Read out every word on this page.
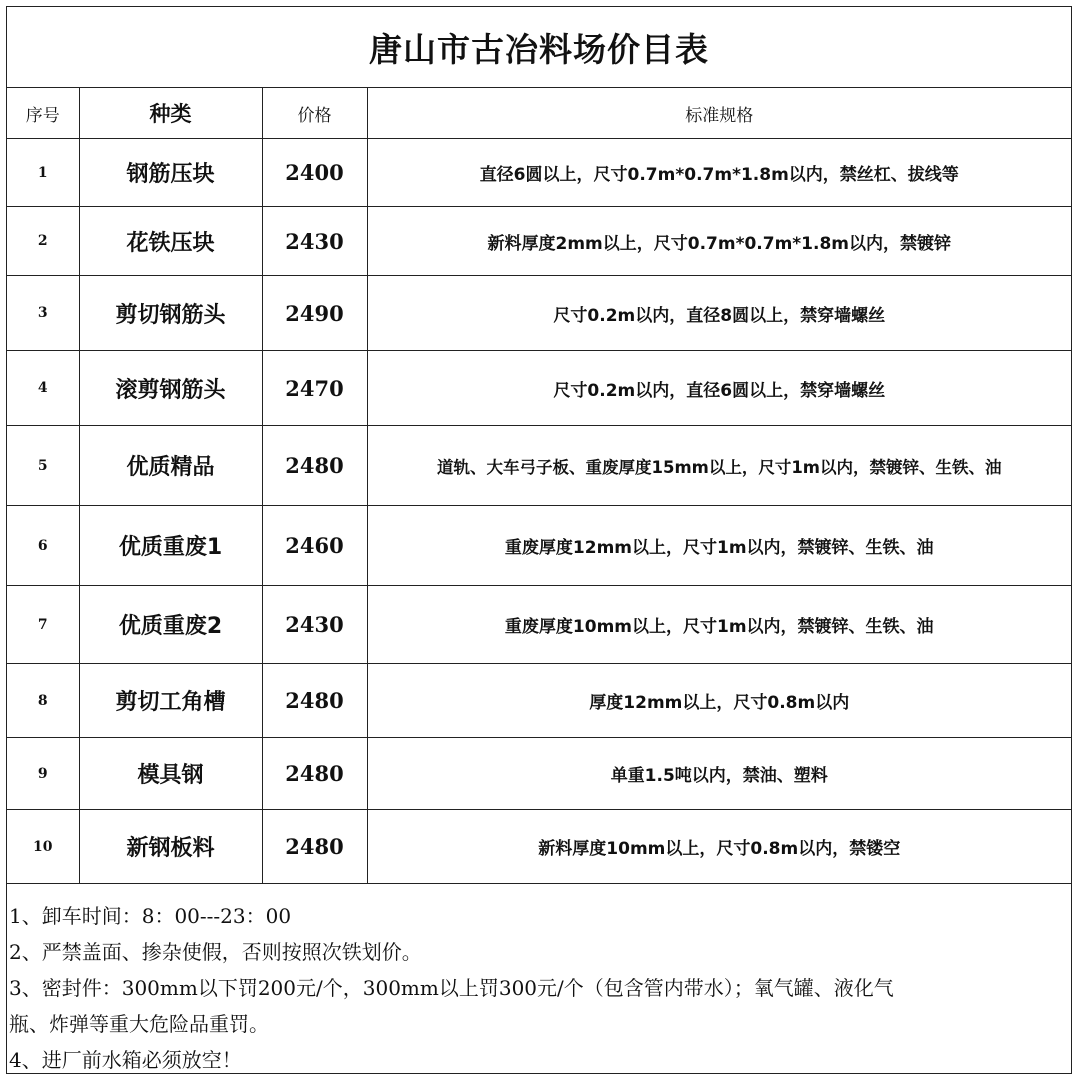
唐山市古冶料场价目表
序号	种类	价格	标准规格
1	钢筋压块	2400	直径6圆以上，尺寸0.7m*0.7m*1.8m以内，禁丝杠、拔线等
2	花铁压块	2430	新料厚度2mm以上，尺寸0.7m*0.7m*1.8m以内，禁镀锌
3	剪切钢筋头	2490	尺寸0.2m以内，直径8圆以上，禁穿墙螺丝
4	滚剪钢筋头	2470	尺寸0.2m以内，直径6圆以上，禁穿墙螺丝
5	优质精品	2480	道轨、大车弓子板、重废厚度15mm以上，尺寸1m以内，禁镀锌、生铁、油
6	优质重废1	2460	重废厚度12mm以上，尺寸1m以内，禁镀锌、生铁、油
7	优质重废2	2430	重废厚度10mm以上，尺寸1m以内，禁镀锌、生铁、油
8	剪切工角槽	2480	厚度12mm以上，尺寸0.8m以内
9	模具钢	2480	单重1.5吨以内，禁油、塑料
10	新钢板料	2480	新料厚度10mm以上，尺寸0.8m以内，禁镂空
1、卸车时间：8：00---23：00
2、严禁盖面、掺杂使假，否则按照次铁划价。
3、密封件：300mm以下罚200元/个，300mm以上罚300元/个（包含管内带水）；氧气罐、液化气
瓶、炸弹等重大危险品重罚。
4、进厂前水箱必须放空！
